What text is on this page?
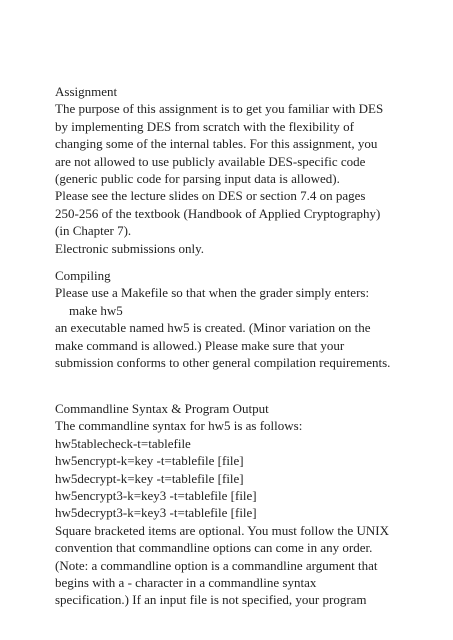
Assignment
The purpose of this assignment is to get you familiar with DES
by implementing DES from scratch with the flexibility of
changing some of the internal tables. For this assignment, you
are not allowed to use publicly available DES-specific code
(generic public code for parsing input data is allowed).
Please see the lecture slides on DES or section 7.4 on pages
250-256 of the textbook (Handbook of Applied Cryptography)
(in Chapter 7).
Electronic submissions only.
Compiling
Please use a Makefile so that when the grader simply enters:
make hw5
an executable named hw5 is created. (Minor variation on the
make command is allowed.) Please make sure that your
submission conforms to other general compilation requirements.
Commandline Syntax & Program Output
The commandline syntax for hw5 is as follows:
hw5tablecheck-t=tablefile
hw5encrypt-k=key -t=tablefile [file]
hw5decrypt-k=key -t=tablefile [file]
hw5encrypt3-k=key3 -t=tablefile [file]
hw5decrypt3-k=key3 -t=tablefile [file]
Square bracketed items are optional. You must follow the UNIX
convention that commandline options can come in any order.
(Note: a commandline option is a commandline argument that
begins with a - character in a commandline syntax
specification.) If an input file is not specified, your program
